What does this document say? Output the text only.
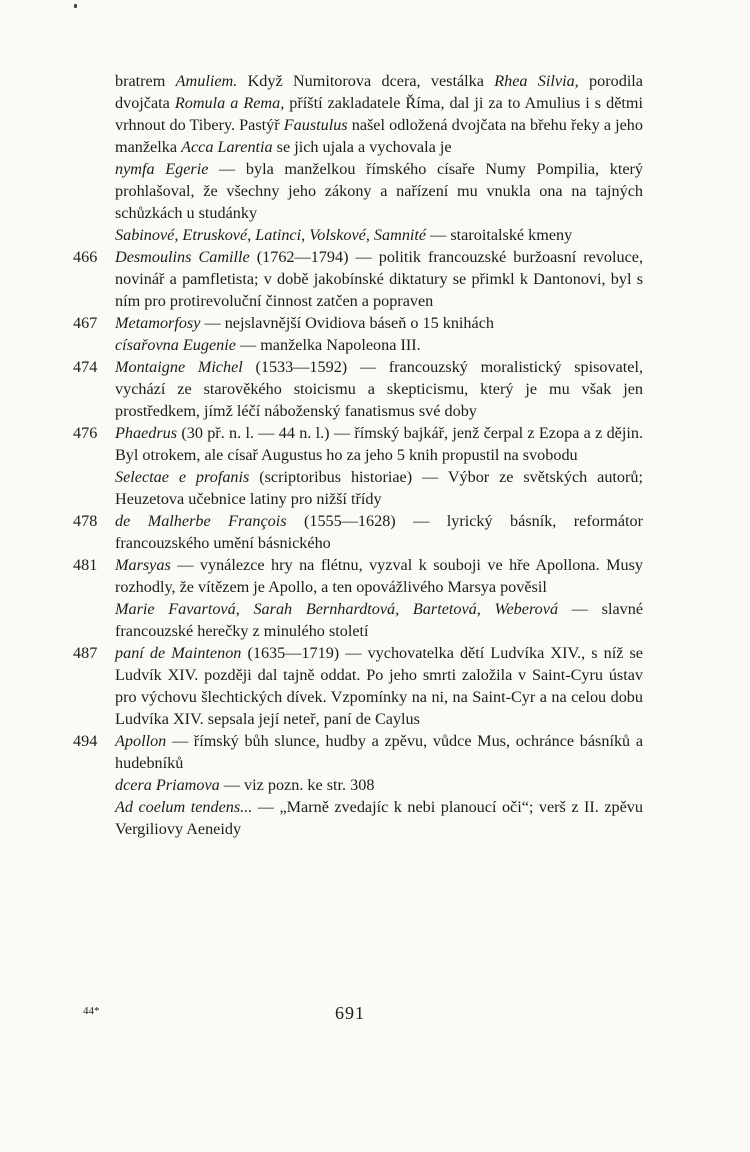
bratrem Amuliem. Když Numitorova dcera, vestálka Rhea Silvia, porodila dvojčata Romula a Rema, příští zakladatele Říma, dal ji za to Amulius i s dětmi vrhnout do Tibery. Pastýř Faustulus našel odložená dvojčata na břehu řeky a jeho manželka Acca Larentia se jich ujala a vychovala je

nymfa Egerie — byla manželkou římského císaře Numy Pompilia, který prohlašoval, že všechny jeho zákony a nařízení mu vnukla ona na tajných schůzkách u studánky

Sabinové, Etruskové, Latinci, Volskové, Samnité — staroitalské kmeny

466	Desmoulins Camille (1762—1794) — politik francouzské buržoasní revoluce, novinář a pamfletista; v době jakobínské diktatury se přimkl k Dantonovi, byl s ním pro protirevoluční činnost zatčen a popraven

467	Metamorfosy — nejslavnější Ovidiova báseň o 15 knihách

císařovna Eugenie — manželka Napoleona III.

474	Montaigne Michel (1533—1592) — francouzský moralistický spisovatel, vychází ze starověkého stoicismu a skepticismu, který je mu však jen prostředkem, jímž léčí náboženský fanatismus své doby

476	Phaedrus (30 př. n. l. — 44 n. l.) — římský bajkář, jenž čerpal z Ezopa a z dějin. Byl otrokem, ale císař Augustus ho za jeho 5 knih propustil na svobodu

Selectae e profanis (scriptoribus historiae) — Výbor ze světských autorů; Heuzetova učebnice latiny pro nižší třídy

478	de Malherbe François (1555—1628) — lyrický básník, reformátor francouzského umění básnického

481	Marsyas — vynálezce hry na flétnu, vyzval k souboji ve hře Apollona. Musy rozhodly, že vítězem je Apollo, a ten opovážlivého Marsya pověsil

Marie Favartová, Sarah Bernhardtová, Bartetová, Weberová — slavné francouzské herečky z minulého století

487	paní de Maintenon (1635—1719) — vychovatelka dětí Ludvíka XIV., s níž se Ludvík XIV. později dal tajně oddat. Po jeho smrti založila v Saint-Cyru ústav pro výchovu šlechtických dívek. Vzpomínky na ni, na Saint-Cyr a na celou dobu Ludvíka XIV. sepsala její neteř, paní de Caylus

494	Apollon — římský bůh slunce, hudby a zpěvu, vůdce Mus, ochránce básníků a hudebníků

dcera Priamova — viz pozn. ke str. 308

Ad coelum tendens... — „Marně zvedajíc k nebi planoucí oči“; verš z II. zpěvu Vergiliovy Aeneidy

44*	691
